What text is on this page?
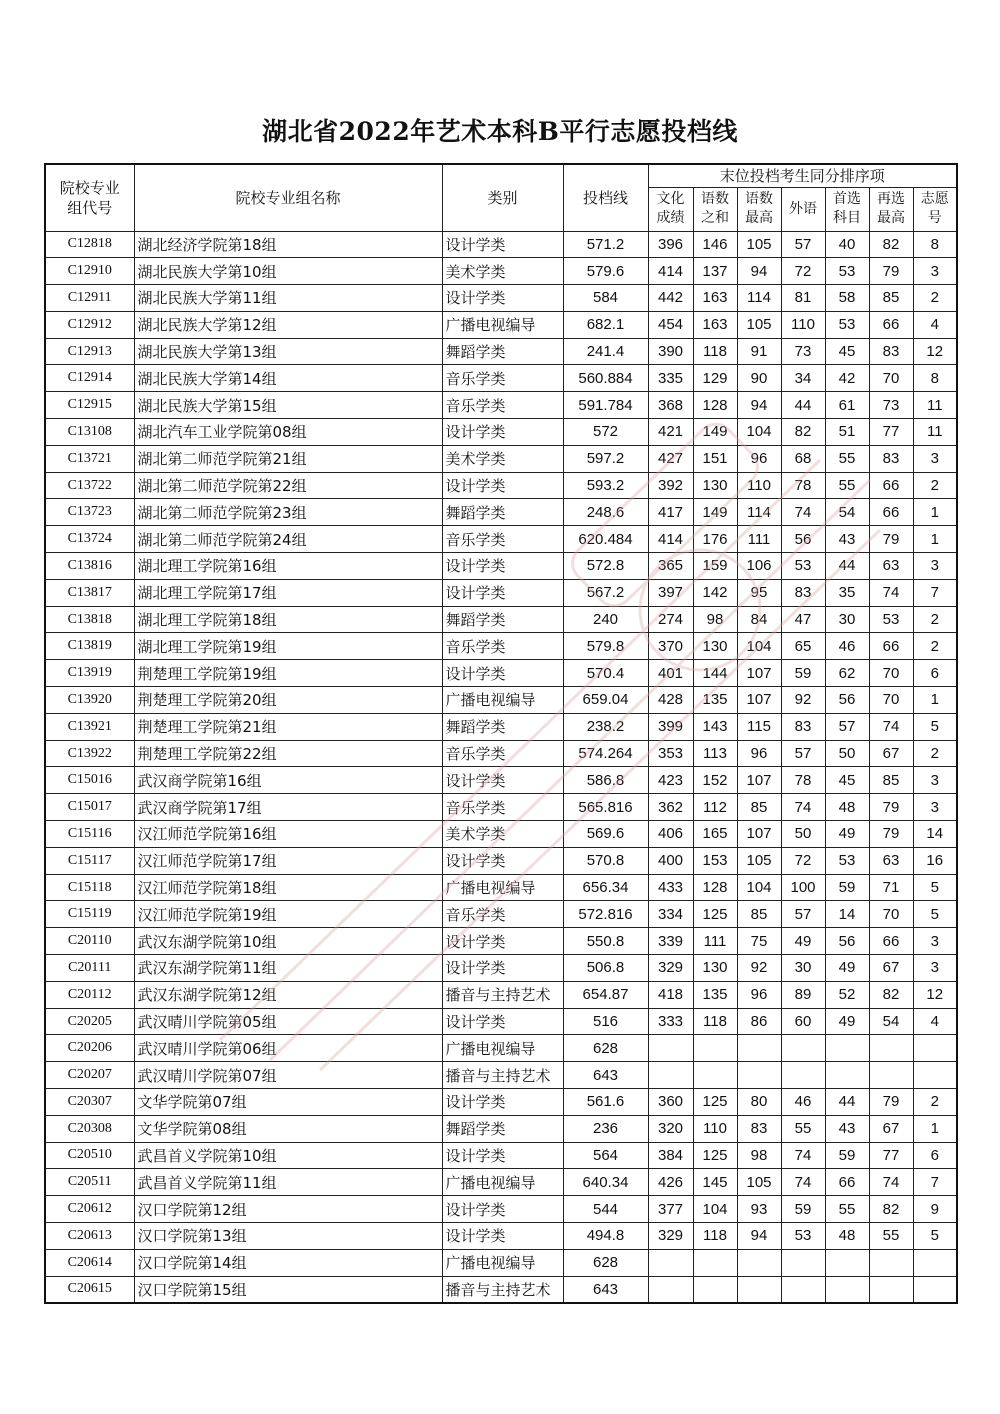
湖北省2022年艺术本科B平行志愿投档线
院校专业组代号	院校专业组名称	类别	投档线	末位投档考生同分排序项						

				文化成绩	语数之和	语数最高	外语	首选科目	再选最高	志愿号

C12818	湖北经济学院第18组	设计学类	571.2	396	146	105	57	40	82	8
C12910	湖北民族大学第10组	美术学类	579.6	414	137	94	72	53	79	3
C12911	湖北民族大学第11组	设计学类	584	442	163	114	81	58	85	2
C12912	湖北民族大学第12组	广播电视编导	682.1	454	163	105	110	53	66	4
C12913	湖北民族大学第13组	舞蹈学类	241.4	390	118	91	73	45	83	12
C12914	湖北民族大学第14组	音乐学类	560.884	335	129	90	34	42	70	8
C12915	湖北民族大学第15组	音乐学类	591.784	368	128	94	44	61	73	11
C13108	湖北汽车工业学院第08组	设计学类	572	421	149	104	82	51	77	11
C13721	湖北第二师范学院第21组	美术学类	597.2	427	151	96	68	55	83	3
C13722	湖北第二师范学院第22组	设计学类	593.2	392	130	110	78	55	66	2
C13723	湖北第二师范学院第23组	舞蹈学类	248.6	417	149	114	74	54	66	1
C13724	湖北第二师范学院第24组	音乐学类	620.484	414	176	111	56	43	79	1
C13816	湖北理工学院第16组	设计学类	572.8	365	159	106	53	44	63	3
C13817	湖北理工学院第17组	设计学类	567.2	397	142	95	83	35	74	7
C13818	湖北理工学院第18组	舞蹈学类	240	274	98	84	47	30	53	2
C13819	湖北理工学院第19组	音乐学类	579.8	370	130	104	65	46	66	2
C13919	荆楚理工学院第19组	设计学类	570.4	401	144	107	59	62	70	6
C13920	荆楚理工学院第20组	广播电视编导	659.04	428	135	107	92	56	70	1
C13921	荆楚理工学院第21组	舞蹈学类	238.2	399	143	115	83	57	74	5
C13922	荆楚理工学院第22组	音乐学类	574.264	353	113	96	57	50	67	2
C15016	武汉商学院第16组	设计学类	586.8	423	152	107	78	45	85	3
C15017	武汉商学院第17组	音乐学类	565.816	362	112	85	74	48	79	3
C15116	汉江师范学院第16组	美术学类	569.6	406	165	107	50	49	79	14
C15117	汉江师范学院第17组	设计学类	570.8	400	153	105	72	53	63	16
C15118	汉江师范学院第18组	广播电视编导	656.34	433	128	104	100	59	71	5
C15119	汉江师范学院第19组	音乐学类	572.816	334	125	85	57	14	70	5
C20110	武汉东湖学院第10组	设计学类	550.8	339	111	75	49	56	66	3
C20111	武汉东湖学院第11组	设计学类	506.8	329	130	92	30	49	67	3
C20112	武汉东湖学院第12组	播音与主持艺术	654.87	418	135	96	89	52	82	12
C20205	武汉晴川学院第05组	设计学类	516	333	118	86	60	49	54	4
C20206	武汉晴川学院第06组	广播电视编导	628							
C20207	武汉晴川学院第07组	播音与主持艺术	643							
C20307	文华学院第07组	设计学类	561.6	360	125	80	46	44	79	2
C20308	文华学院第08组	舞蹈学类	236	320	110	83	55	43	67	1
C20510	武昌首义学院第10组	设计学类	564	384	125	98	74	59	77	6
C20511	武昌首义学院第11组	广播电视编导	640.34	426	145	105	74	66	74	7
C20612	汉口学院第12组	设计学类	544	377	104	93	59	55	82	9
C20613	汉口学院第13组	设计学类	494.8	329	118	94	53	48	55	5
C20614	汉口学院第14组	广播电视编导	628							
C20615	汉口学院第15组	播音与主持艺术	643							
